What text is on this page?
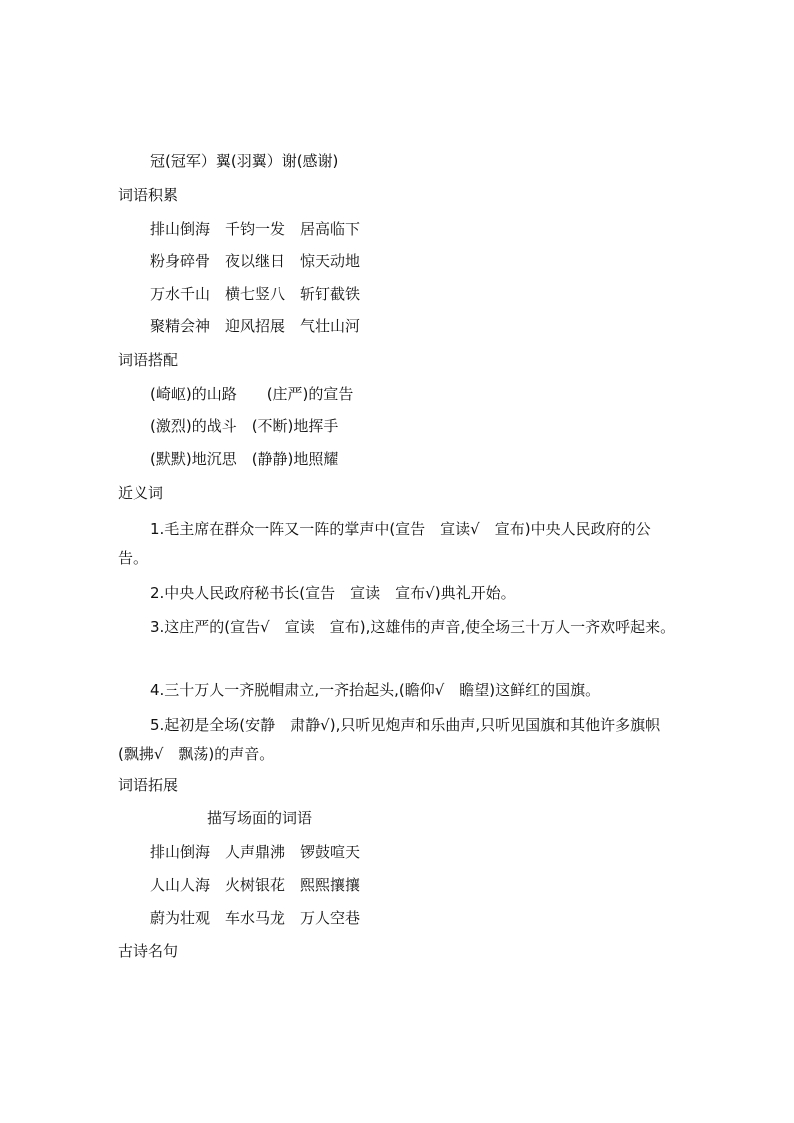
冠(冠军）翼(羽翼）谢(感谢)
词语积累
排山倒海　千钧一发　居高临下
粉身碎骨　夜以继日　惊天动地
万水千山　横七竖八　斩钉截铁
聚精会神　迎风招展　气壮山河
词语搭配
(崎岖)的山路　　(庄严)的宣告
(激烈)的战斗　(不断)地挥手
(默默)地沉思　(静静)地照耀
近义词
1.毛主席在群众一阵又一阵的掌声中(宣告　宣读√　宣布)中央人民政府的公告。
2.中央人民政府秘书长(宣告　宣读　宣布√)典礼开始。
3.这庄严的(宣告√　宣读　宣布),这雄伟的声音,使全场三十万人一齐欢呼起来。
4.三十万人一齐脱帽肃立,一齐抬起头,(瞻仰√　瞻望)这鲜红的国旗。
5.起初是全场(安静　肃静√),只听见炮声和乐曲声,只听见国旗和其他许多旗帜(飘拂√　飘荡)的声音。
词语拓展
描写场面的词语
排山倒海　人声鼎沸　锣鼓喧天
人山人海　火树银花　熙熙攘攘
蔚为壮观　车水马龙　万人空巷
古诗名句
